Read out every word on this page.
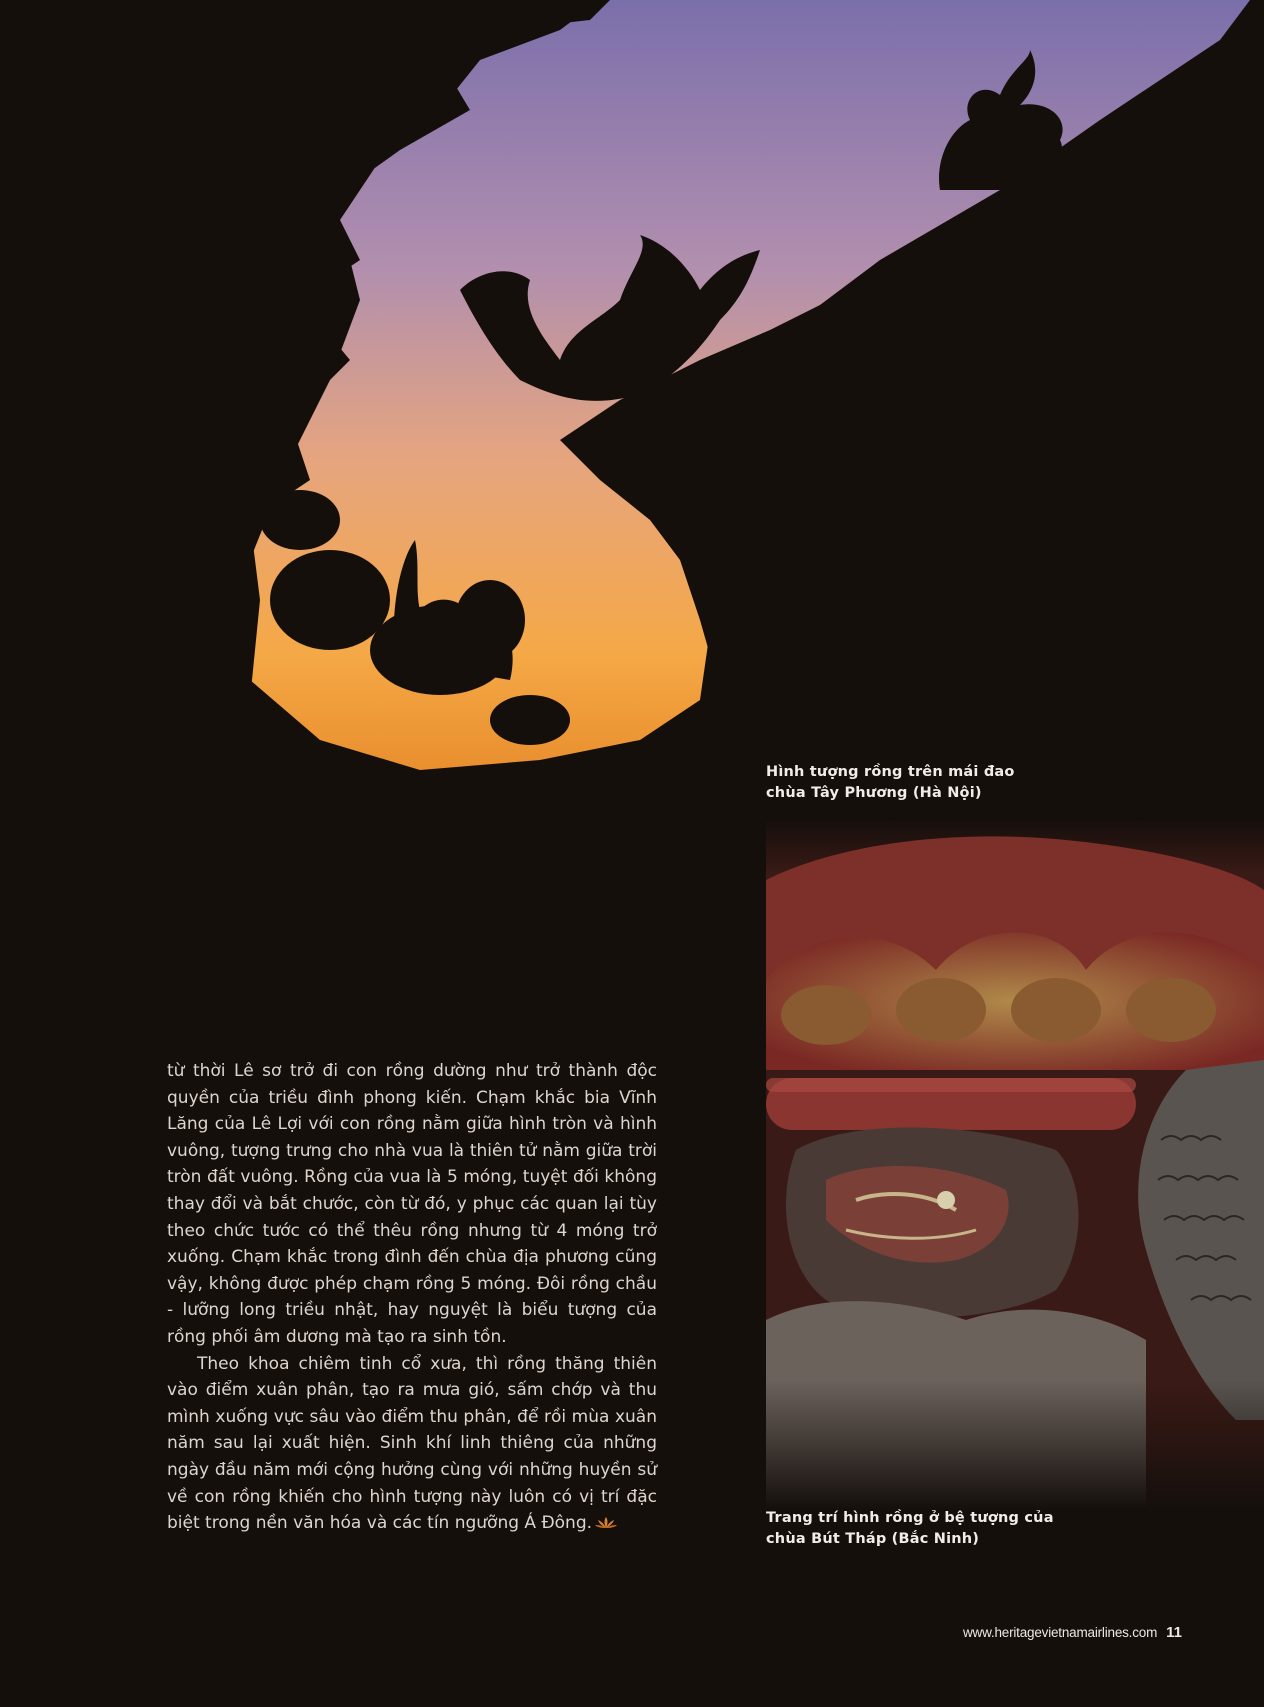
Hình tượng rồng trên mái đao
chùa Tây Phương (Hà Nội)
Trang trí hình rồng ở bệ tượng của
chùa Bút Tháp (Bắc Ninh)

từ thời Lê sơ trở đi con rồng dường như trở thành độc quyền của triều đình phong kiến. Chạm khắc bia Vĩnh Lăng của Lê Lợi với con rồng nằm giữa hình tròn và hình vuông, tượng trưng cho nhà vua là thiên tử nằm giữa trời tròn đất vuông. Rồng của vua là 5 móng, tuyệt đối không thay đổi và bắt chước, còn từ đó, y phục các quan lại tùy theo chức tước có thể thêu rồng nhưng từ 4 móng trở xuống. Chạm khắc trong đình đến chùa địa phương cũng vậy, không được phép chạm rồng 5 móng. Đôi rồng chầu - lưỡng long triều nhật, hay nguyệt là biểu tượng của rồng phối âm dương mà tạo ra sinh tồn.

Theo khoa chiêm tinh cổ xưa, thì rồng thăng thiên vào điểm xuân phân, tạo ra mưa gió, sấm chớp và thu mình xuống vực sâu vào điểm thu phân, để rồi mùa xuân năm sau lại xuất hiện. Sinh khí linh thiêng của những ngày đầu năm mới cộng hưởng cùng với những huyền sử về con rồng khiến cho hình tượng này luôn có vị trí đặc biệt trong nền văn hóa và các tín ngưỡng Á Đông.

www.heritagevietnamairlines.com 11
